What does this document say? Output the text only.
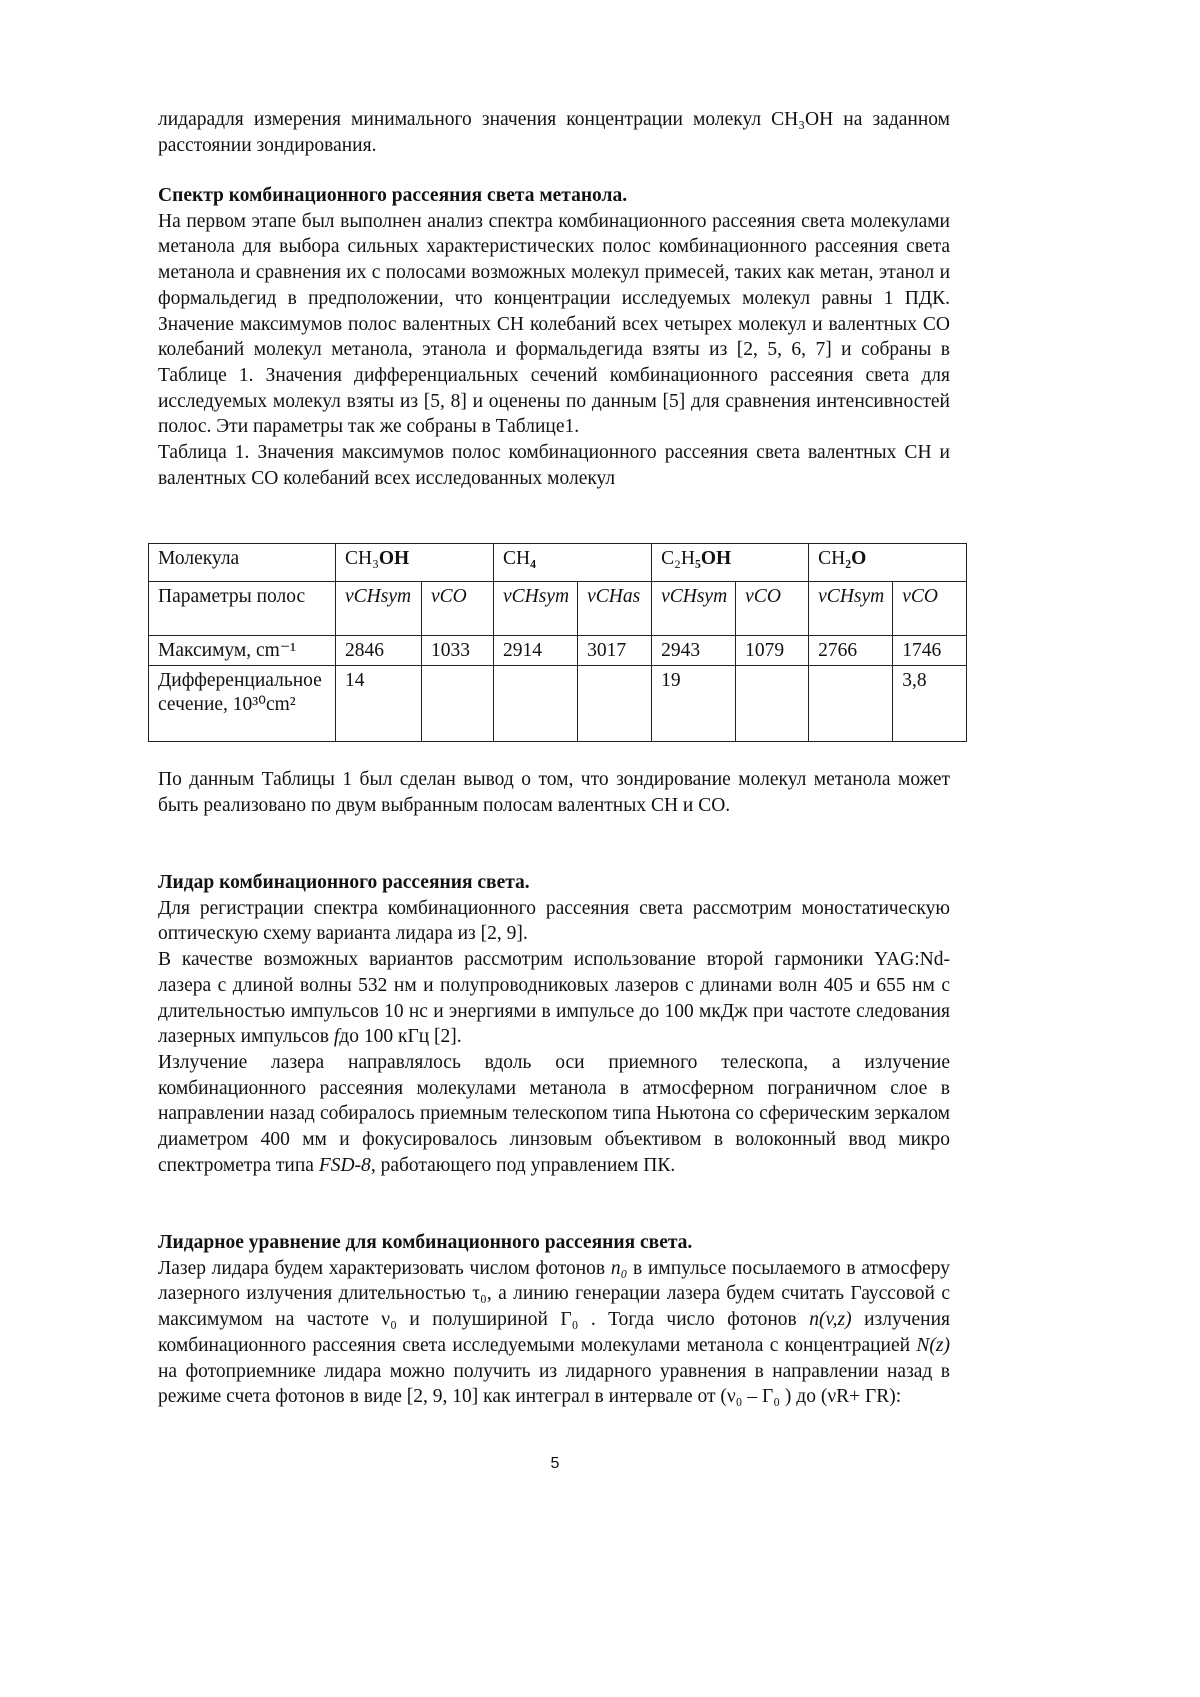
лидарадля измерения минимального значения концентрации молекул CH₃OH на заданном расстоянии зондирования.

Спектр комбинационного рассеяния света метанола.

На первом этапе был выполнен анализ спектра комбинационного рассеяния света молекулами метанола для выбора сильных характеристических полос комбинационного рассеяния света метанола и сравнения их с полосами возможных молекул примесей, таких как метан, этанол и формальдегид в предположении, что концентрации исследуемых молекул равны 1 ПДК. Значение максимумов полос валентных CH колебаний всех четырех молекул и валентных CO колебаний молекул метанола, этанола и формальдегида взяты из [2, 5, 6, 7] и собраны в Таблице 1. Значения дифференциальных сечений комбинационного рассеяния света для исследуемых молекул взяты из [5, 8] и оценены по данным [5] для сравнения интенсивностей полос. Эти параметры так же собраны в Таблице1.

Таблица 1. Значения максимумов полос комбинационного рассеяния света валентных CH и валентных CO колебаний всех исследованных молекул

Молекула	CH₃OH	CH₄	C₂H₅OH	CH₂O
Параметры полос	νCHsym	νCO	νCHsym	νCHas	νCHsym	νCO	νCHsym	νCO
Максимум, cm⁻¹	2846	1033	2914	3017	2943	1079	2766	1746
Дифференциальное сечение, 10³⁰cm²	14				19			3,8

По данным Таблицы 1 был сделан вывод о том, что зондирование молекул метанола может быть реализовано по двум выбранным полосам валентных CH и CO.

Лидар комбинационного рассеяния света.

Для регистрации спектра комбинационного рассеяния света рассмотрим моностатическую оптическую схему варианта лидара из [2, 9].

В качестве возможных вариантов рассмотрим использование второй гармоники YAG:Nd- лазера с длиной волны 532 нм и полупроводниковых лазеров с длинами волн 405 и 655 нм с длительностью импульсов 10 нс и энергиями в импульсе до 100 мкДж при частоте следования лазерных импульсов fдо 100 кГц [2].

Излучение лазера направлялось вдоль оси приемного телескопа, а излучение комбинационного рассеяния молекулами метанола в атмосферном пограничном слое в направлении назад собиралось приемным телескопом типа Ньютона со сферическим зеркалом диаметром 400 мм и фокусировалось линзовым объективом в волоконный ввод микро спектрометра типа FSD-8, работающего под управлением ПК.

Лидарное уравнение для комбинационного рассеяния света.

Лазер лидара будем характеризовать числом фотонов n₀ в импульсе посылаемого в атмосферу лазерного излучения длительностью τ₀, а линию генерации лазера будем считать Гауссовой с максимумом на частоте ν₀ и полушириной Γ₀ . Тогда число фотонов n(v,z) излучения комбинационного рассеяния света исследуемыми молекулами метанола с концентрацией N(z) на фотоприемнике лидара можно получить из лидарного уравнения в направлении назад в режиме счета фотонов в виде [2, 9, 10] как интеграл в интервале от (ν₀ – Γ₀ ) до (νR+ ΓR):

5
